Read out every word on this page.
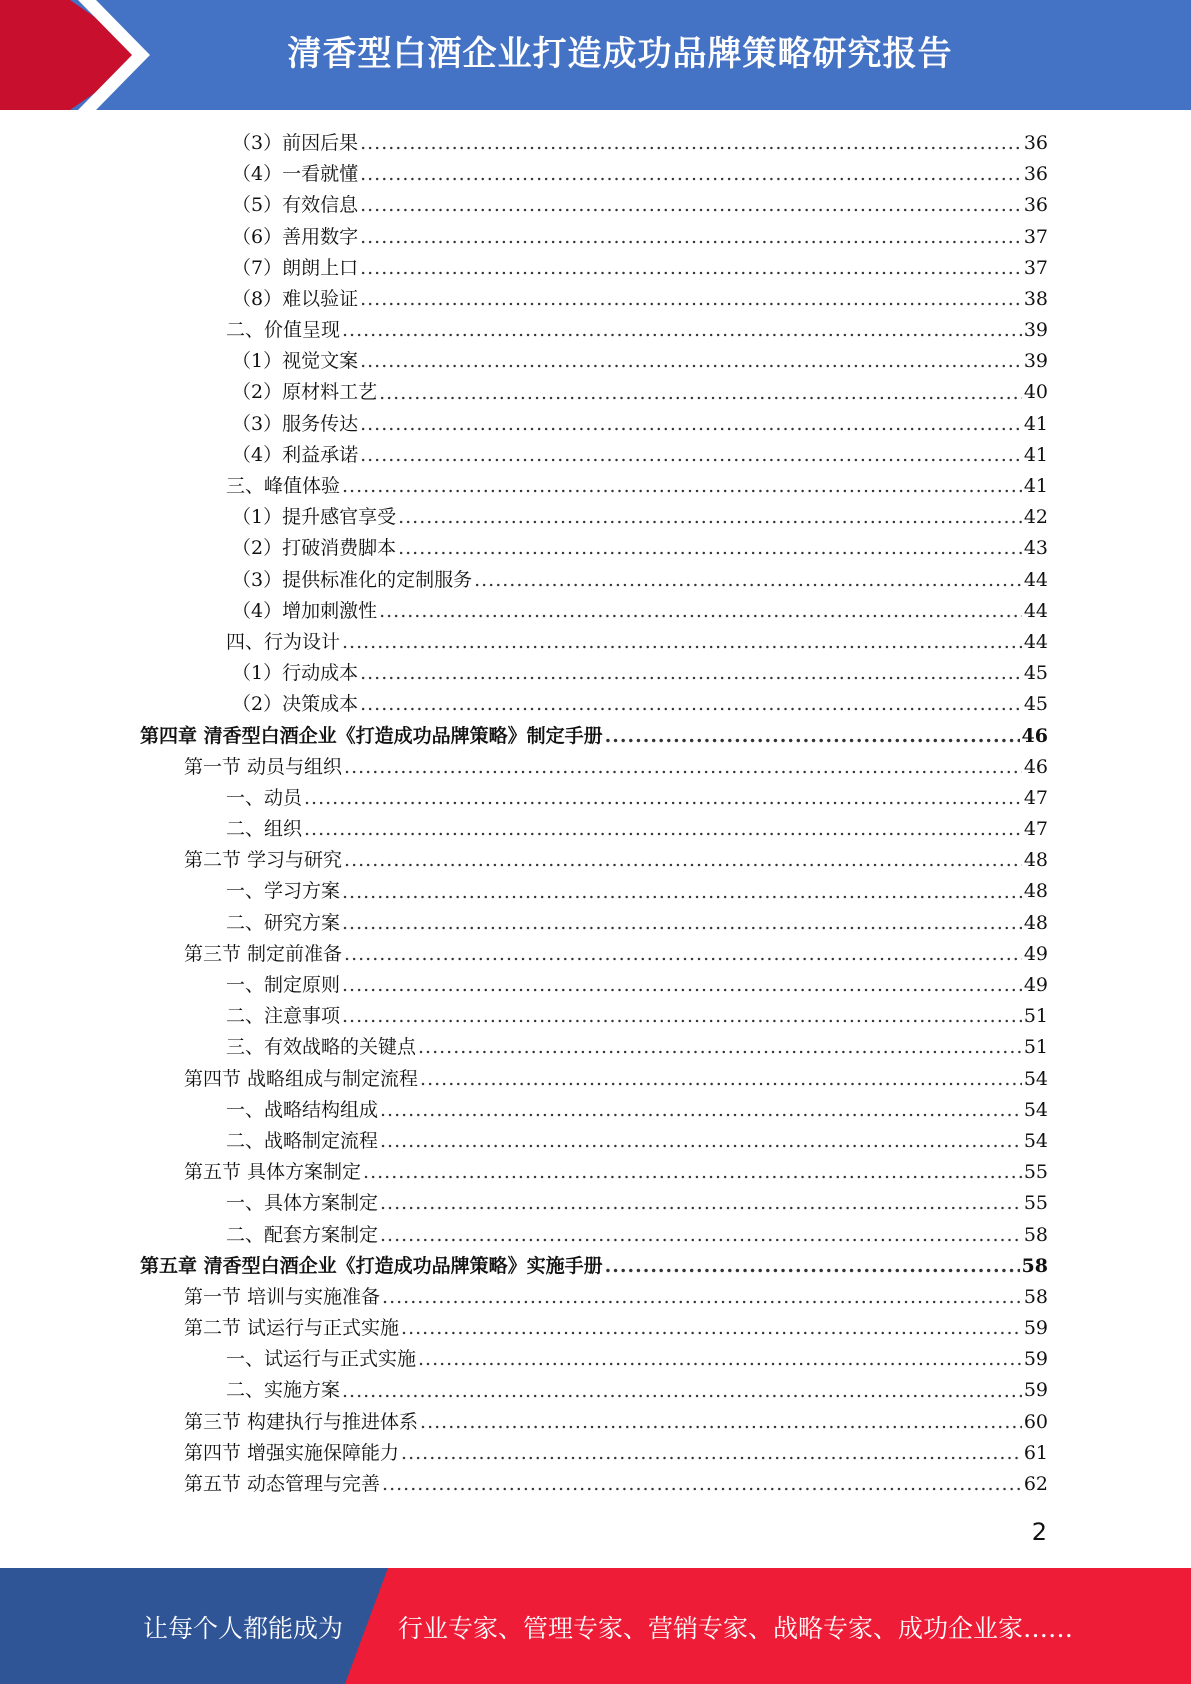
清香型白酒企业打造成功品牌策略研究报告
（3）前因后果 .....	36
（4）一看就懂 .....	36
（5）有效信息 .....	36
（6）善用数字 .....	37
（7）朗朗上口 .....	37
（8）难以验证 .....	38
二、价值呈现 .....	39
（1）视觉文案 .....	39
（2）原材料工艺 .....	40
（3）服务传达 .....	41
（4）利益承诺 .....	41
三、峰值体验 .....	41
（1）提升感官享受 .....	42
（2）打破消费脚本 .....	43
（3）提供标准化的定制服务 .....	44
（4）增加刺激性 .....	44
四、行为设计 .....	44
（1）行动成本 .....	45
（2）决策成本 .....	45
第四章 清香型白酒企业《打造成功品牌策略》制定手册 .....	46
第一节 动员与组织 .....	46
一、动员 .....	47
二、组织 .....	47
第二节 学习与研究 .....	48
一、学习方案 .....	48
二、研究方案 .....	48
第三节 制定前准备 .....	49
一、制定原则 .....	49
二、注意事项 .....	51
三、有效战略的关键点 .....	51
第四节 战略组成与制定流程 .....	54
一、战略结构组成 .....	54
二、战略制定流程 .....	54
第五节 具体方案制定 .....	55
一、具体方案制定 .....	55
二、配套方案制定 .....	58
第五章 清香型白酒企业《打造成功品牌策略》实施手册 .....	58
第一节 培训与实施准备 .....	58
第二节 试运行与正式实施 .....	59
一、试运行与正式实施 .....	59
二、实施方案 .....	59
第三节 构建执行与推进体系 .....	60
第四节 增强实施保障能力 .....	61
第五节 动态管理与完善 .....	62
2
让每个人都能成为 行业专家、管理专家、营销专家、战略专家、成功企业家……
